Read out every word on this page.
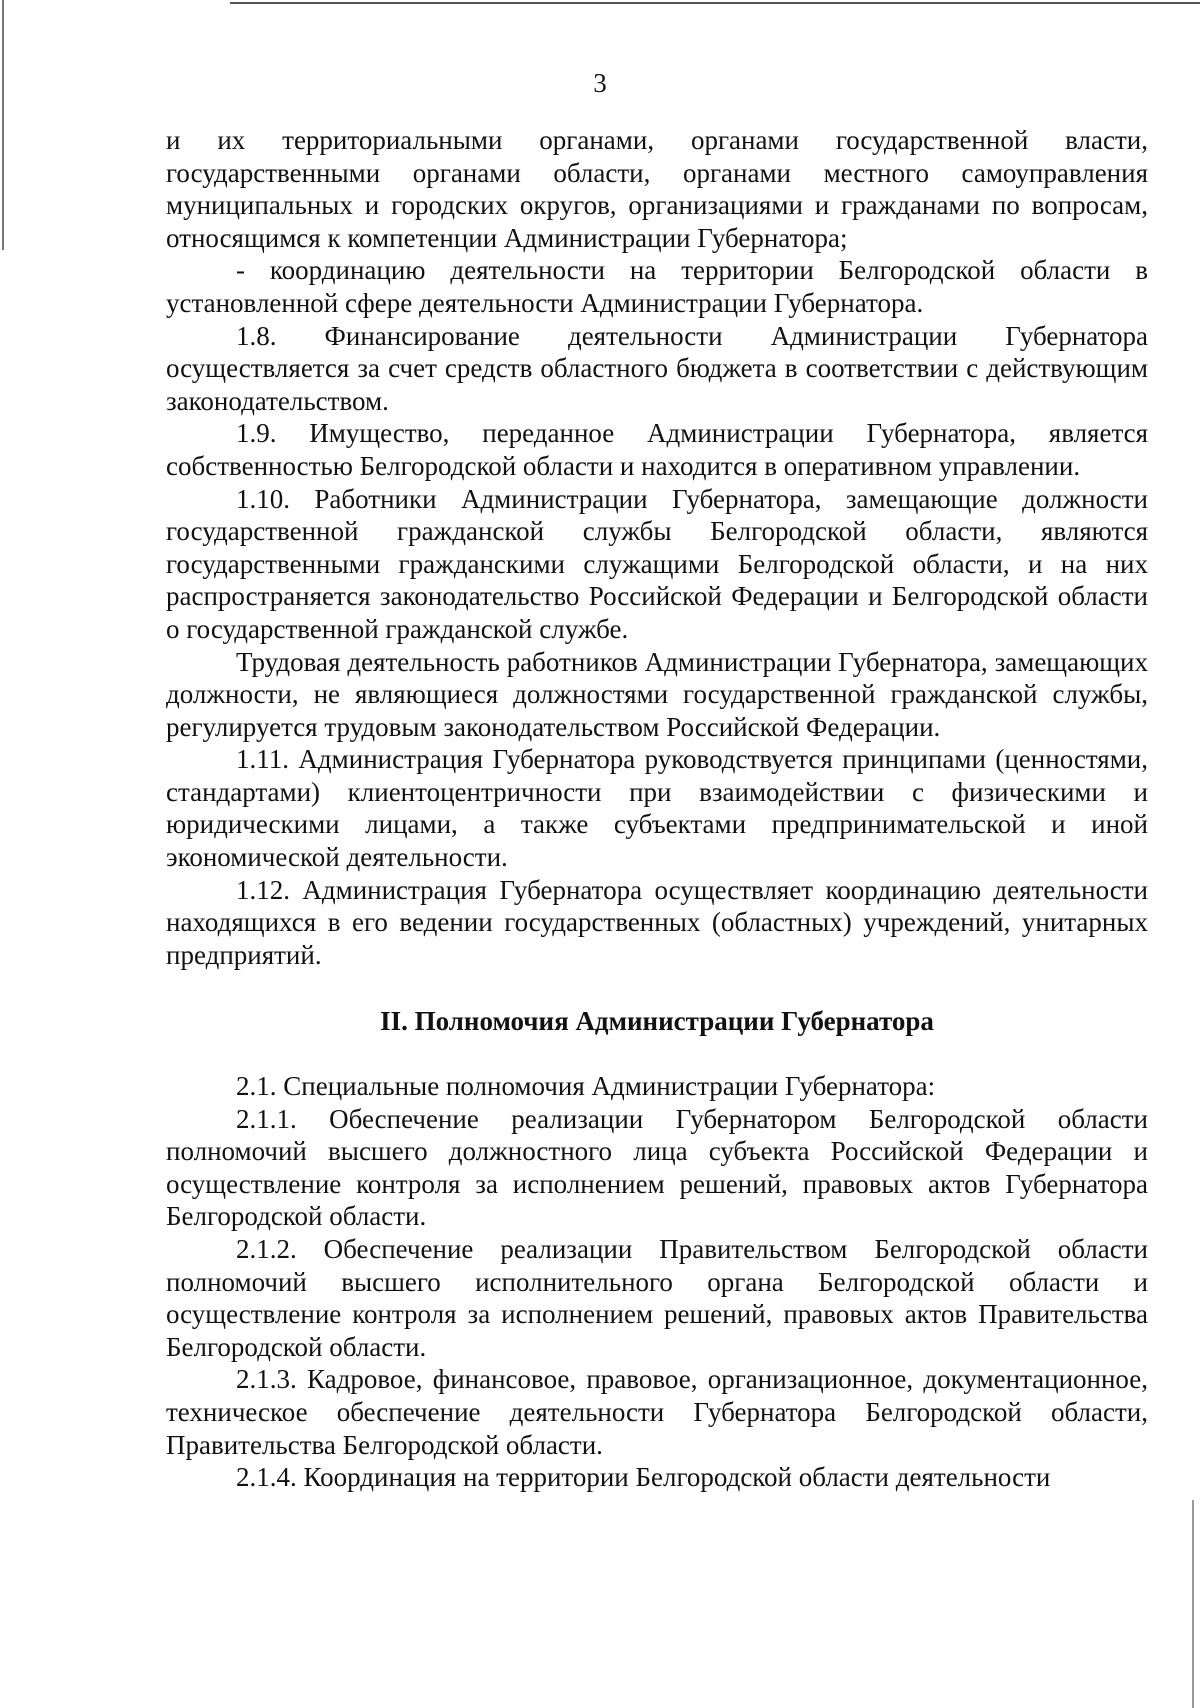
3

и их территориальными органами, органами государственной власти, государственными органами области, органами местного самоуправления муниципальных и городских округов, организациями и гражданами по вопросам, относящимся к компетенции Администрации Губернатора;

- координацию деятельности на территории Белгородской области в установленной сфере деятельности Администрации Губернатора.

1.8. Финансирование деятельности Администрации Губернатора осуществляется за счет средств областного бюджета в соответствии с действующим законодательством.

1.9. Имущество, переданное Администрации Губернатора, является собственностью Белгородской области и находится в оперативном управлении.

1.10. Работники Администрации Губернатора, замещающие должности государственной гражданской службы Белгородской области, являются государственными гражданскими служащими Белгородской области, и на них распространяется законодательство Российской Федерации и Белгородской области о государственной гражданской службе.

Трудовая деятельность работников Администрации Губернатора, замещающих должности, не являющиеся должностями государственной гражданской службы, регулируется трудовым законодательством Российской Федерации.

1.11. Администрация Губернатора руководствуется принципами (ценностями, стандартами) клиентоцентричности при взаимодействии с физическими и юридическими лицами, а также субъектами предпринимательской и иной экономической деятельности.

1.12. Администрация Губернатора осуществляет координацию деятельности находящихся в его ведении государственных (областных) учреждений, унитарных предприятий.

II. Полномочия Администрации Губернатора

2.1. Специальные полномочия Администрации Губернатора:

2.1.1. Обеспечение реализации Губернатором Белгородской области полномочий высшего должностного лица субъекта Российской Федерации и осуществление контроля за исполнением решений, правовых актов Губернатора Белгородской области.

2.1.2. Обеспечение реализации Правительством Белгородской области полномочий высшего исполнительного органа Белгородской области и осуществление контроля за исполнением решений, правовых актов Правительства Белгородской области.

2.1.3. Кадровое, финансовое, правовое, организационное, документационное, техническое обеспечение деятельности Губернатора Белгородской области, Правительства Белгородской области.

2.1.4. Координация на территории Белгородской области деятельности
